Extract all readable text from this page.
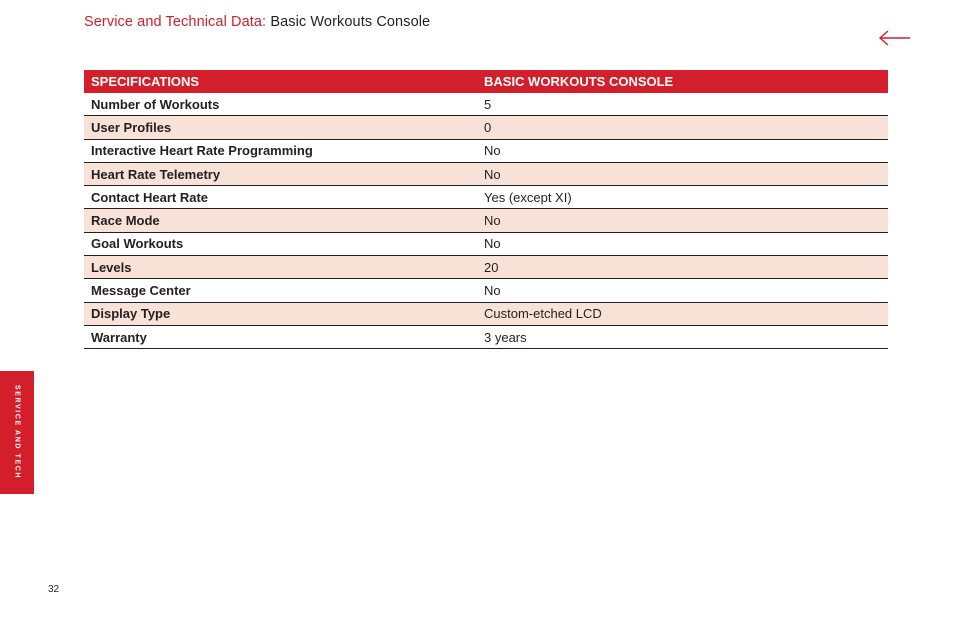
Service and Technical Data: Basic Workouts Console
SPECIFICATIONS	BASIC WORKOUTS CONSOLE
Number of Workouts	5
User Profiles	0
Interactive Heart Rate Programming	No
Heart Rate Telemetry	No
Contact Heart Rate	Yes (except XI)
Race Mode	No
Goal Workouts	No
Levels	20
Message Center	No
Display Type	Custom-etched LCD
Warranty	3 years
SERVICE AND TECH
32
